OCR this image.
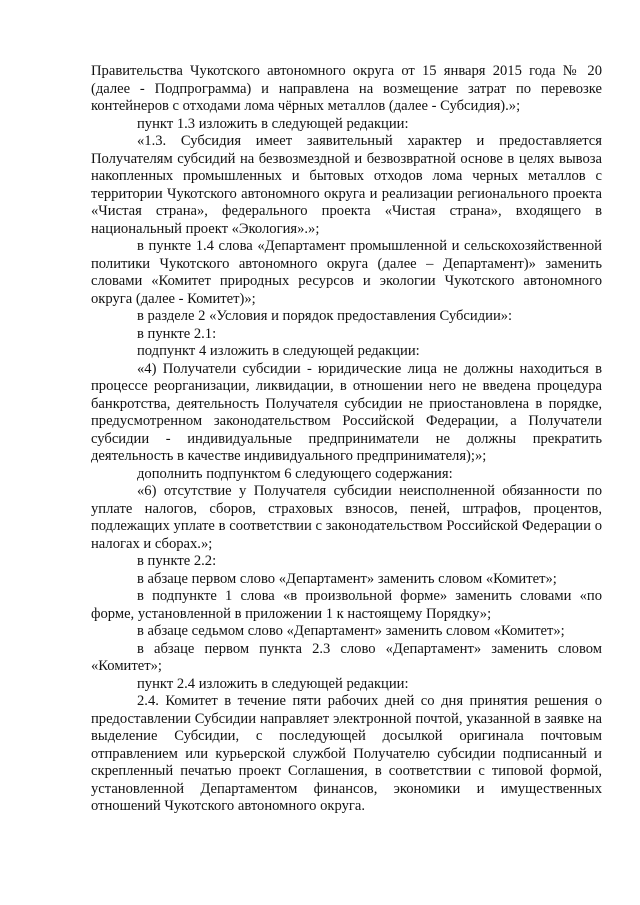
Правительства Чукотского автономного округа от 15 января 2015 года № 20 (далее - Подпрограмма) и направлена на возмещение затрат по перевозке контейнеров с отходами лома чёрных металлов (далее - Субсидия).»;

пункт 1.3 изложить в следующей редакции:

«1.3. Субсидия имеет заявительный характер и предоставляется Получателям субсидий на безвозмездной и безвозвратной основе в целях вывоза накопленных промышленных и бытовых отходов лома черных металлов с территории Чукотского автономного округа и реализации регионального проекта «Чистая страна», федерального проекта «Чистая страна», входящего в национальный проект «Экология».»;

в пункте 1.4 слова «Департамент промышленной и сельскохозяйственной политики Чукотского автономного округа (далее – Департамент)» заменить словами «Комитет природных ресурсов и экологии Чукотского автономного округа (далее - Комитет)»;

в разделе 2 «Условия и порядок предоставления Субсидии»:

в пункте 2.1:

подпункт 4 изложить в следующей редакции:

«4) Получатели субсидии - юридические лица не должны находиться в процессе реорганизации, ликвидации, в отношении него не введена процедура банкротства, деятельность Получателя субсидии не приостановлена в порядке, предусмотренном законодательством Российской Федерации, а Получатели субсидии - индивидуальные предприниматели не должны прекратить деятельность в качестве индивидуального предпринимателя);»;

дополнить подпунктом 6 следующего содержания:

«6) отсутствие у Получателя субсидии неисполненной обязанности по уплате налогов, сборов, страховых взносов, пеней, штрафов, процентов, подлежащих уплате в соответствии с законодательством Российской Федерации о налогах и сборах.»;

в пункте 2.2:

в абзаце первом слово «Департамент» заменить словом «Комитет»;

в подпункте 1 слова «в произвольной форме» заменить словами «по форме, установленной в приложении 1 к настоящему Порядку»;

в абзаце седьмом слово «Департамент» заменить словом «Комитет»;

в абзаце первом пункта 2.3 слово «Департамент» заменить словом «Комитет»;

пункт 2.4 изложить в следующей редакции:

2.4. Комитет в течение пяти рабочих дней со дня принятия решения о предоставлении Субсидии направляет электронной почтой, указанной в заявке на выделение Субсидии, с последующей досылкой оригинала почтовым отправлением или курьерской службой Получателю субсидии подписанный и скрепленный печатью проект Соглашения, в соответствии с типовой формой, установленной Департаментом финансов, экономики и имущественных отношений Чукотского автономного округа.
